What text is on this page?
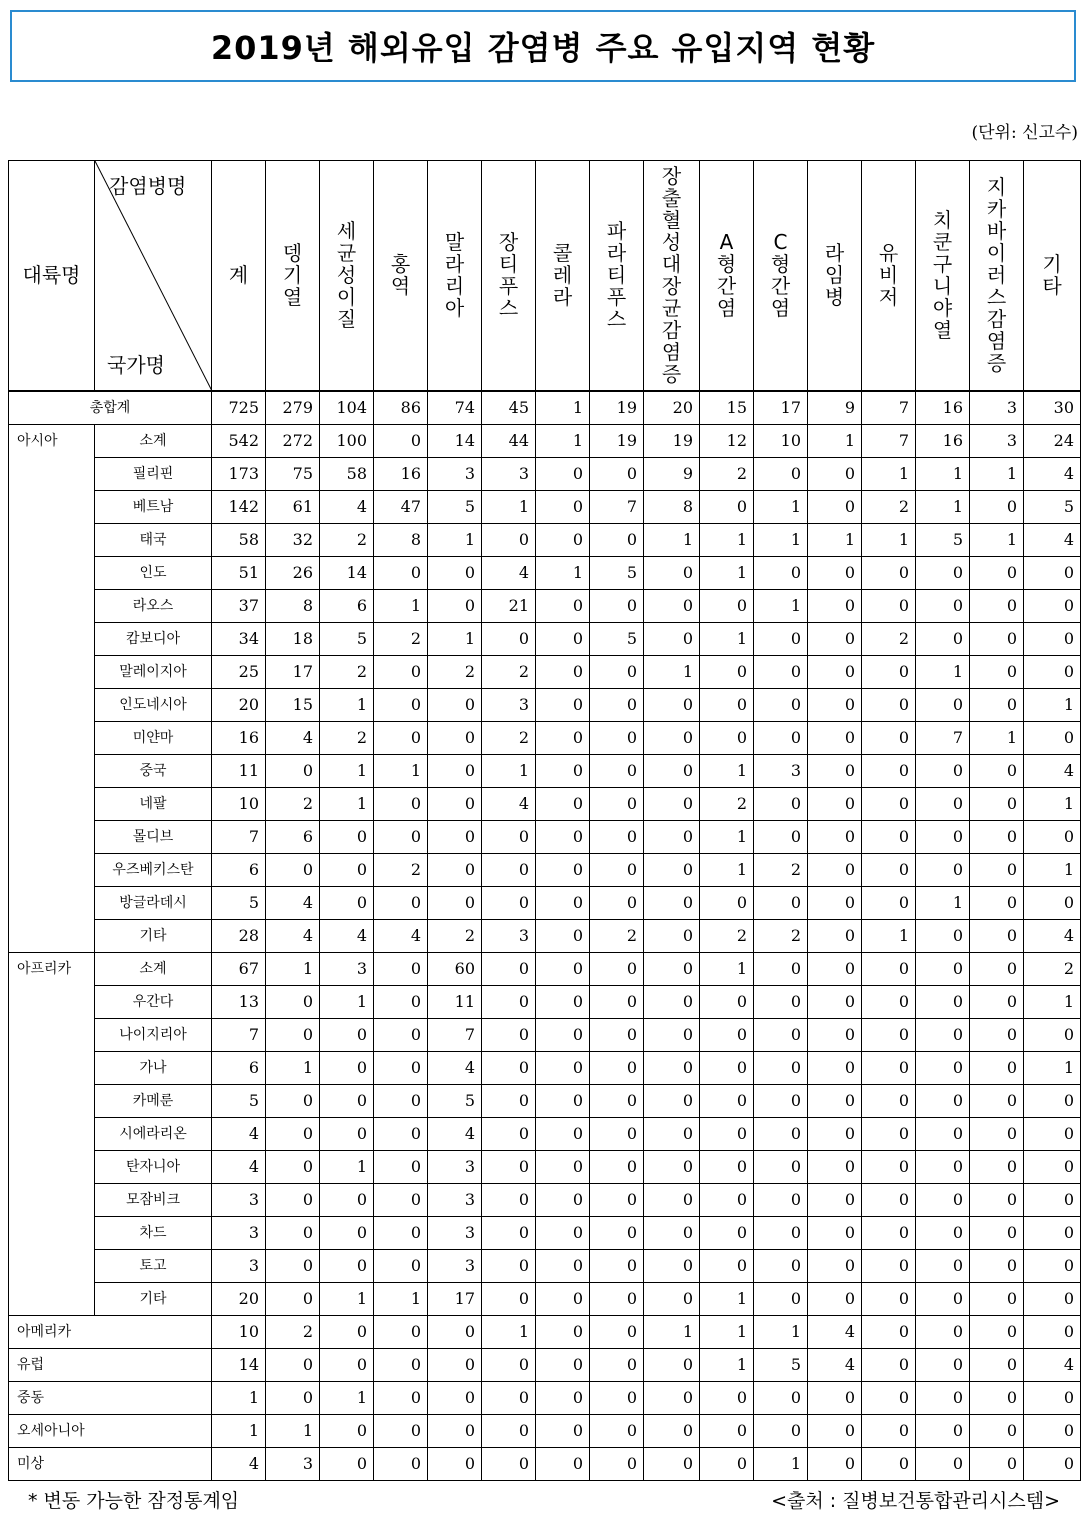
2019년 해외유입 감염병 주요 유입지역 현황
(단위: 신고수)
대륙명	감염병명
국가명	계	뎅기열	세균성이질	홍역	말라리아	장티푸스	콜레라	파라티푸스	장출혈성대장균감염증	A형간염	C형간염	라임병	유비저	치쿤구니야열	지카바이러스감염증	기타
총합계		725	279	104	86	74	45	1	19	20	15	17	9	7	16	3	30
아시아	소계	542	272	100	0	14	44	1	19	19	12	10	1	7	16	3	24
	필리핀	173	75	58	16	3	3	0	0	9	2	0	0	1	1	1	4
	베트남	142	61	4	47	5	1	0	7	8	0	1	0	2	1	0	5
	태국	58	32	2	8	1	0	0	0	1	1	1	1	1	5	1	4
	인도	51	26	14	0	0	4	1	5	0	1	0	0	0	0	0	0
	라오스	37	8	6	1	0	21	0	0	0	0	1	0	0	0	0	0
	캄보디아	34	18	5	2	1	0	0	5	0	1	0	0	2	0	0	0
	말레이지아	25	17	2	0	2	2	0	0	1	0	0	0	0	1	0	0
	인도네시아	20	15	1	0	0	3	0	0	0	0	0	0	0	0	0	1
	미얀마	16	4	2	0	0	2	0	0	0	0	0	0	0	7	1	0
	중국	11	0	1	1	0	1	0	0	0	1	3	0	0	0	0	4
	네팔	10	2	1	0	0	4	0	0	0	2	0	0	0	0	0	1
	몰디브	7	6	0	0	0	0	0	0	0	1	0	0	0	0	0	0
	우즈베키스탄	6	0	0	2	0	0	0	0	0	1	2	0	0	0	0	1
	방글라데시	5	4	0	0	0	0	0	0	0	0	0	0	0	1	0	0
	기타	28	4	4	4	2	3	0	2	0	2	2	0	1	0	0	4
아프리카	소계	67	1	3	0	60	0	0	0	0	1	0	0	0	0	0	2
	우간다	13	0	1	0	11	0	0	0	0	0	0	0	0	0	0	1
	나이지리아	7	0	0	0	7	0	0	0	0	0	0	0	0	0	0	0
	가나	6	1	0	0	4	0	0	0	0	0	0	0	0	0	0	1
	카메룬	5	0	0	0	5	0	0	0	0	0	0	0	0	0	0	0
	시에라리온	4	0	0	0	4	0	0	0	0	0	0	0	0	0	0	0
	탄자니아	4	0	1	0	3	0	0	0	0	0	0	0	0	0	0	0
	모잠비크	3	0	0	0	3	0	0	0	0	0	0	0	0	0	0	0
	차드	3	0	0	0	3	0	0	0	0	0	0	0	0	0	0	0
	토고	3	0	0	0	3	0	0	0	0	0	0	0	0	0	0	0
	기타	20	0	1	1	17	0	0	0	0	1	0	0	0	0	0	0
아메리카		10	2	0	0	0	1	0	0	1	1	1	4	0	0	0	0
유럽		14	0	0	0	0	0	0	0	0	1	5	4	0	0	0	4
중동		1	0	1	0	0	0	0	0	0	0	0	0	0	0	0	0
오세아니아		1	1	0	0	0	0	0	0	0	0	0	0	0	0	0	0
미상		4	3	0	0	0	0	0	0	0	0	1	0	0	0	0	0
* 변동 가능한 잠정통계임	<출처 : 질병보건통합관리시스템>
